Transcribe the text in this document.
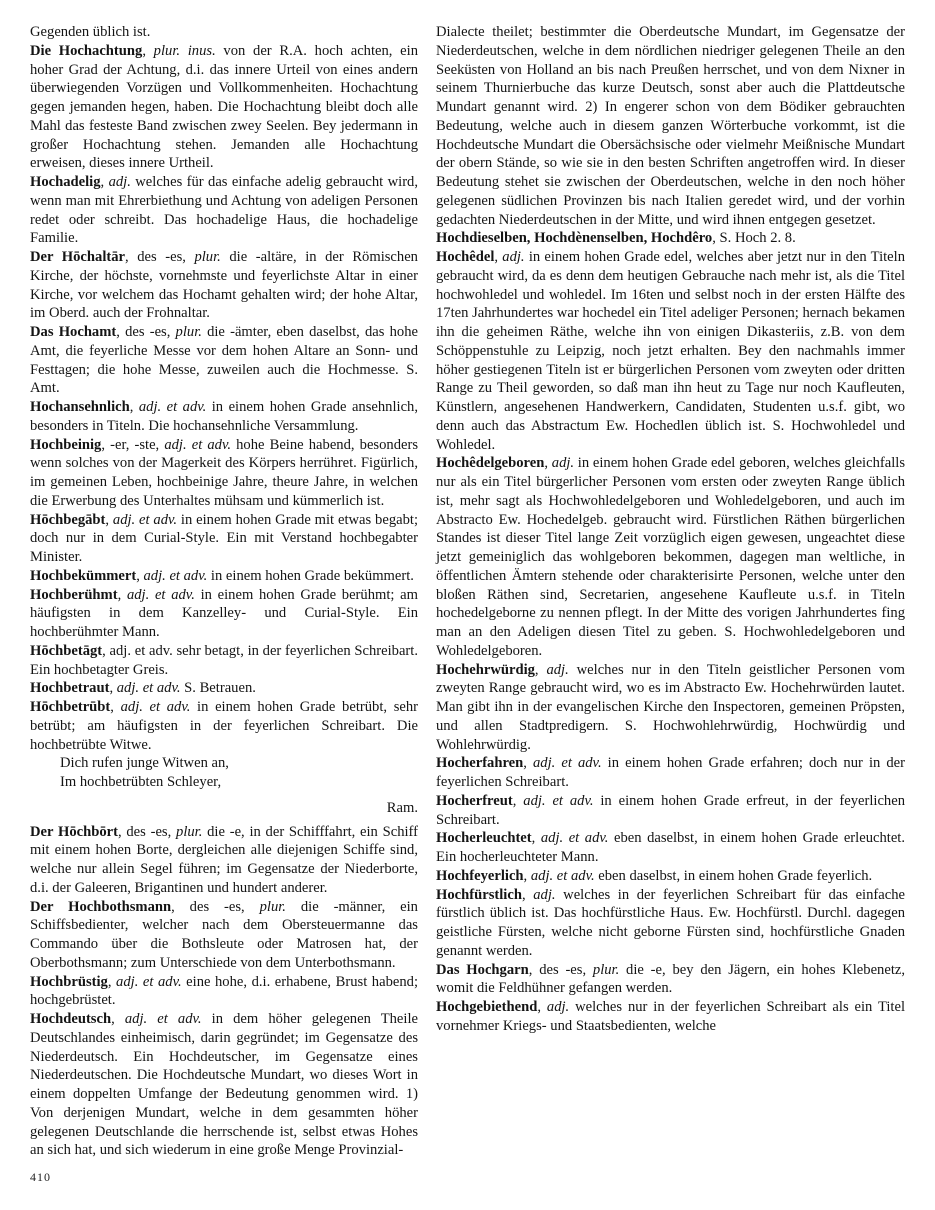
Gegenden üblich ist.

Die Hochachtung, plur. inus. von der R.A. hoch achten, ein hoher Grad der Achtung, d.i. das innere Urteil von eines andern überwiegenden Vorzügen und Vollkommenheiten. Hochachtung gegen jemanden hegen, haben. Die Hochachtung bleibt doch alle Mahl das festeste Band zwischen zwey Seelen. Bey jedermann in großer Hochachtung stehen. Jemanden alle Hochachtung erweisen, dieses innere Urtheil.

Hochadelig, adj. welches für das einfache adelig gebraucht wird, wenn man mit Ehrerbiethung und Achtung von adeligen Personen redet oder schreibt. Das hochadelige Haus, die hochadelige Familie.

Der Hōchaltār, des -es, plur. die -altäre, in der Römischen Kirche, der höchste, vornehmste und feyerlichste Altar in einer Kirche, vor welchem das Hochamt gehalten wird; der hohe Altar, im Oberd. auch der Frohnaltar.

Das Hochamt, des -es, plur. die -ämter, eben daselbst, das hohe Amt, die feyerliche Messe vor dem hohen Altare an Sonn- und Festtagen; die hohe Messe, zuweilen auch die Hochmesse. S. Amt.

Hochansehnlich, adj. et adv. in einem hohen Grade ansehnlich, besonders in Titeln. Die hochansehnliche Versammlung.

Hochbeinig, -er, -ste, adj. et adv. hohe Beine habend, besonders wenn solches von der Magerkeit des Körpers herrühret. Figürlich, im gemeinen Leben, hochbeinige Jahre, theure Jahre, in welchen die Erwerbung des Unterhaltes mühsam und kümmerlich ist.

Hōchbegābt, adj. et adv. in einem hohen Grade mit etwas begabt; doch nur in dem Curial-Style. Ein mit Verstand hochbegabter Minister.

Hochbekümmert, adj. et adv. in einem hohen Grade bekümmert.

Hochberühmt, adj. et adv. in einem hohen Grade berühmt; am häufigsten in dem Kanzelley- und Curial-Style. Ein hochberühmter Mann.

Hōchbetāgt, adj. et adv. sehr betagt, in der feyerlichen Schreibart. Ein hochbetagter Greis.

Hochbetraut, adj. et adv. S. Betrauen.

Hōchbetrūbt, adj. et adv. in einem hohen Grade betrübt, sehr betrübt; am häufigsten in der feyerlichen Schreibart. Die hochbetrübte Witwe.

Dich rufen junge Witwen an,

Im hochbetrübten Schleyer,

Ram.

Der Hōchbōrt, des -es, plur. die -e, in der Schifffahrt, ein Schiff mit einem hohen Borte, dergleichen alle diejenigen Schiffe sind, welche nur allein Segel führen; im Gegensatze der Niederborte, d.i. der Galeeren, Brigantinen und hundert anderer.

Der Hochbothsmann, des -es, plur. die -männer, ein Schiffsbedienter, welcher nach dem Obersteuermanne das Commando über die Bothsleute oder Matrosen hat, der Oberbothsmann; zum Unterschiede von dem Unterbothsmann.

Hochbrüstig, adj. et adv. eine hohe, d.i. erhabene, Brust habend; hochgebrüstet.

Hochdeutsch, adj. et adv. in dem höher gelegenen Theile Deutschlandes einheimisch, darin gegründet; im Gegensatze des Niederdeutsch. Ein Hochdeutscher, im Gegensatze eines Niederdeutschen. Die Hochdeutsche Mundart, wo dieses Wort in einem doppelten Umfange der Bedeutung genommen wird. 1) Von derjenigen Mundart, welche in dem gesammten höher gelegenen Deutschlande die herrschende ist, selbst etwas Hohes an sich hat, und sich wiederum in eine große Menge Provinzial-

Dialecte theilet; bestimmter die Oberdeutsche Mundart, im Gegensatze der Niederdeutschen, welche in dem nördlichen niedriger gelegenen Theile an den Seeküsten von Holland an bis nach Preußen herrschet, und von dem Nixner in seinem Thurnierbuche das kurze Deutsch, sonst aber auch die Plattdeutsche Mundart genannt wird. 2) In engerer schon von dem Bödiker gebrauchten Bedeutung, welche auch in diesem ganzen Wörterbuche vorkommt, ist die Hochdeutsche Mundart die Obersächsische oder vielmehr Meißnische Mundart der obern Stände, so wie sie in den besten Schriften angetroffen wird. In dieser Bedeutung stehet sie zwischen der Oberdeutschen, welche in den noch höher gelegenen südlichen Provinzen bis nach Italien geredet wird, und der vorhin gedachten Niederdeutschen in der Mitte, und wird ihnen entgegen gesetzet.

Hochdieselben, Hochdènenselben, Hochdêro, S. Hoch 2. 8.

Hochêdel, adj. in einem hohen Grade edel, welches aber jetzt nur in den Titeln gebraucht wird, da es denn dem heutigen Gebrauche nach mehr ist, als die Titel hochwohledel und wohledel. Im 16ten und selbst noch in der ersten Hälfte des 17ten Jahrhundertes war hochedel ein Titel adeliger Personen; hernach bekamen ihn die geheimen Räthe, welche ihn von einigen Dikasteriis, z.B. von dem Schöppenstuhle zu Leipzig, noch jetzt erhalten. Bey den nachmahls immer höher gestiegenen Titeln ist er bürgerlichen Personen vom zweyten oder dritten Range zu Theil geworden, so daß man ihn heut zu Tage nur noch Kaufleuten, Künstlern, angesehenen Handwerkern, Candidaten, Studenten u.s.f. gibt, wo denn auch das Abstractum Ew. Hochedlen üblich ist. S. Hochwohledel und Wohledel.

Hochêdelgeboren, adj. in einem hohen Grade edel geboren, welches gleichfalls nur als ein Titel bürgerlicher Personen vom ersten oder zweyten Range üblich ist, mehr sagt als Hochwohledelgeboren und Wohledelgeboren, und auch im Abstracto Ew. Hochedelgeb. gebraucht wird. Fürstlichen Räthen bürgerlichen Standes ist dieser Titel lange Zeit vorzüglich eigen gewesen, ungeachtet diese jetzt gemeiniglich das wohlgeboren bekommen, dagegen man weltliche, in öffentlichen Ämtern stehende oder charakterisirte Personen, welche unter den bloßen Räthen sind, Secretarien, angesehene Kaufleute u.s.f. in Titeln hochedelgeborne zu nennen pflegt. In der Mitte des vorigen Jahrhundertes fing man an den Adeligen diesen Titel zu geben. S. Hochwohledelgeboren und Wohledelgeboren.

Hochehrwürdig, adj. welches nur in den Titeln geistlicher Personen vom zweyten Range gebraucht wird, wo es im Abstracto Ew. Hochehrwürden lautet. Man gibt ihn in der evangelischen Kirche den Inspectoren, gemeinen Pröpsten, und allen Stadtpredigern. S. Hochwohlehrwürdig, Hochwürdig und Wohlehrwürdig.

Hocherfahren, adj. et adv. in einem hohen Grade erfahren; doch nur in der feyerlichen Schreibart.

Hocherfreut, adj. et adv. in einem hohen Grade erfreut, in der feyerlichen Schreibart.

Hocherleuchtet, adj. et adv. eben daselbst, in einem hohen Grade erleuchtet. Ein hocherleuchteter Mann.

Hochfeyerlich, adj. et adv. eben daselbst, in einem hohen Grade feyerlich.

Hochfürstlich, adj. welches in der feyerlichen Schreibart für das einfache fürstlich üblich ist. Das hochfürstliche Haus. Ew. Hochfürstl. Durchl. dagegen geistliche Fürsten, welche nicht geborne Fürsten sind, hochfürstliche Gnaden genannt werden.

Das Hochgarn, des -es, plur. die -e, bey den Jägern, ein hohes Klebenetz, womit die Feldhühner gefangen werden.

Hochgebiethend, adj. welches nur in der feyerlichen Schreibart als ein Titel vornehmer Kriegs- und Staatsbedienten, welche

410
